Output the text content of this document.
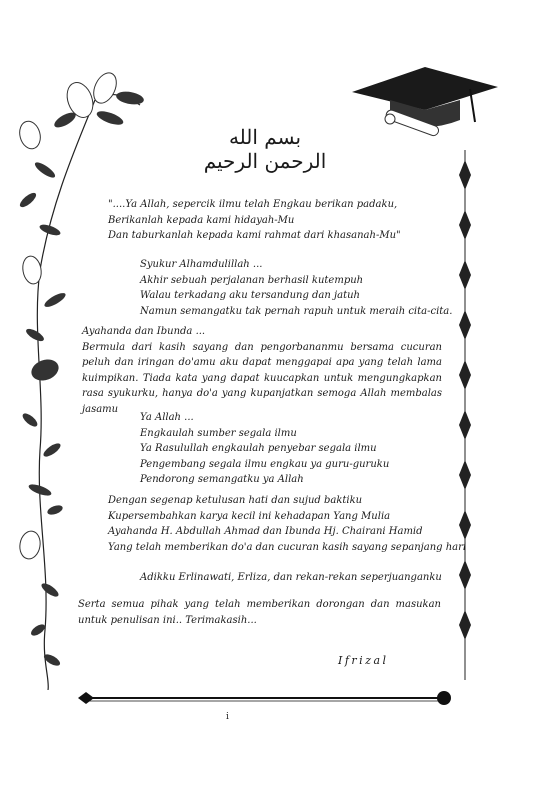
بسم الله الرحمن الرحيم
"....Ya Allah, sepercik ilmu telah Engkau berikan padaku,
Berikanlah kepada kami hidayah-Mu
Dan taburkanlah kepada kami rahmat dari khasanah-Mu"
Syukur Alhamdulillah ...
Akhir sebuah perjalanan berhasil kutempuh
Walau terkadang aku tersandung dan jatuh
Namun semangatku tak pernah rapuh untuk meraih cita-cita.
Ayahanda dan Ibunda ...
Bermula dari kasih sayang dan pengorbananmu bersama cucuran peluh dan iringan do'amu aku dapat menggapai apa yang telah lama kuimpikan. Tiada kata yang dapat kuucapkan untuk mengungkapkan rasa syukurku, hanya do'a yang kupanjatkan semoga Allah membalas jasamu
Ya Allah ...
Engkaulah sumber segala ilmu
Ya Rasulullah engkaulah penyebar segala ilmu
Pengembang segala ilmu engkau ya guru-guruku
Pendorong semangatku ya Allah
Dengan segenap ketulusan hati dan sujud baktiku
Kupersembahkan karya kecil ini kehadapan Yang Mulia
Ayahanda H. Abdullah Ahmad dan Ibunda Hj. Chairani Hamid
Yang telah memberikan do'a dan cucuran kasih sayang sepanjang hari
Adikku Erlinawati, Erliza, dan rekan-rekan seperjuanganku
Serta semua pihak yang telah memberikan dorongan dan masukan untuk penulisan ini.. Terimakasih...
Ifrizal
i
